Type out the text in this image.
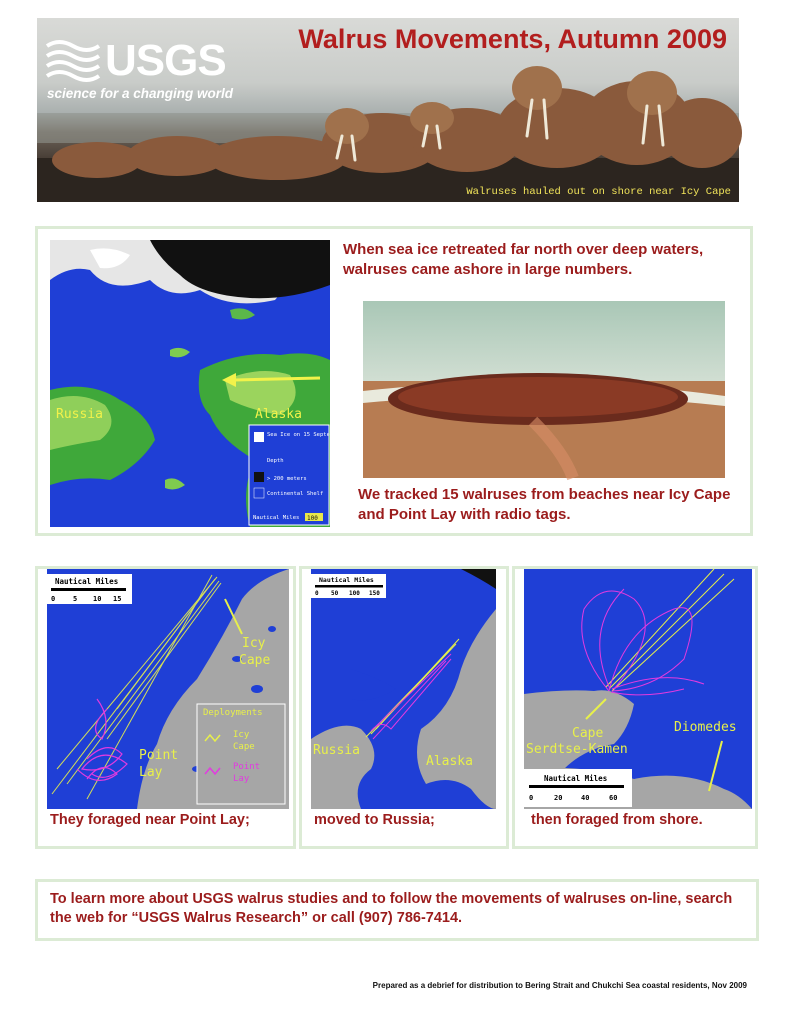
USGS
science for a changing world
Walrus Movements, Autumn 2009
Walruses hauled out on shore near Icy Cape
Russia	Alaska
Sea Ice on 15 September
Depth
> 200 meters
Continental Shelf
Nautical Miles 100
When sea ice retreated far north over deep waters, walruses came ashore in large numbers.
We tracked 15 walruses from beaches near Icy Cape and Point Lay with radio tags.
Nautical Miles
0	5 10 15
Icy
Cape
Point
Lay
Deployments
Icy
Cape
Point
Lay
They foraged near Point Lay;
Nautical Miles
0 50 100 150
Russia
Alaska
moved to Russia;
Cape
Serdtse-Kamen
Diomedes
Nautical Miles
0	20	40	60
then foraged from shore.
To learn more about USGS walrus studies and to follow the movements of walruses on-line, search the web for “USGS Walrus Research” or call (907) 786-7414.
Prepared as a debrief for distribution to Bering Strait and Chukchi Sea coastal residents, Nov 2009
